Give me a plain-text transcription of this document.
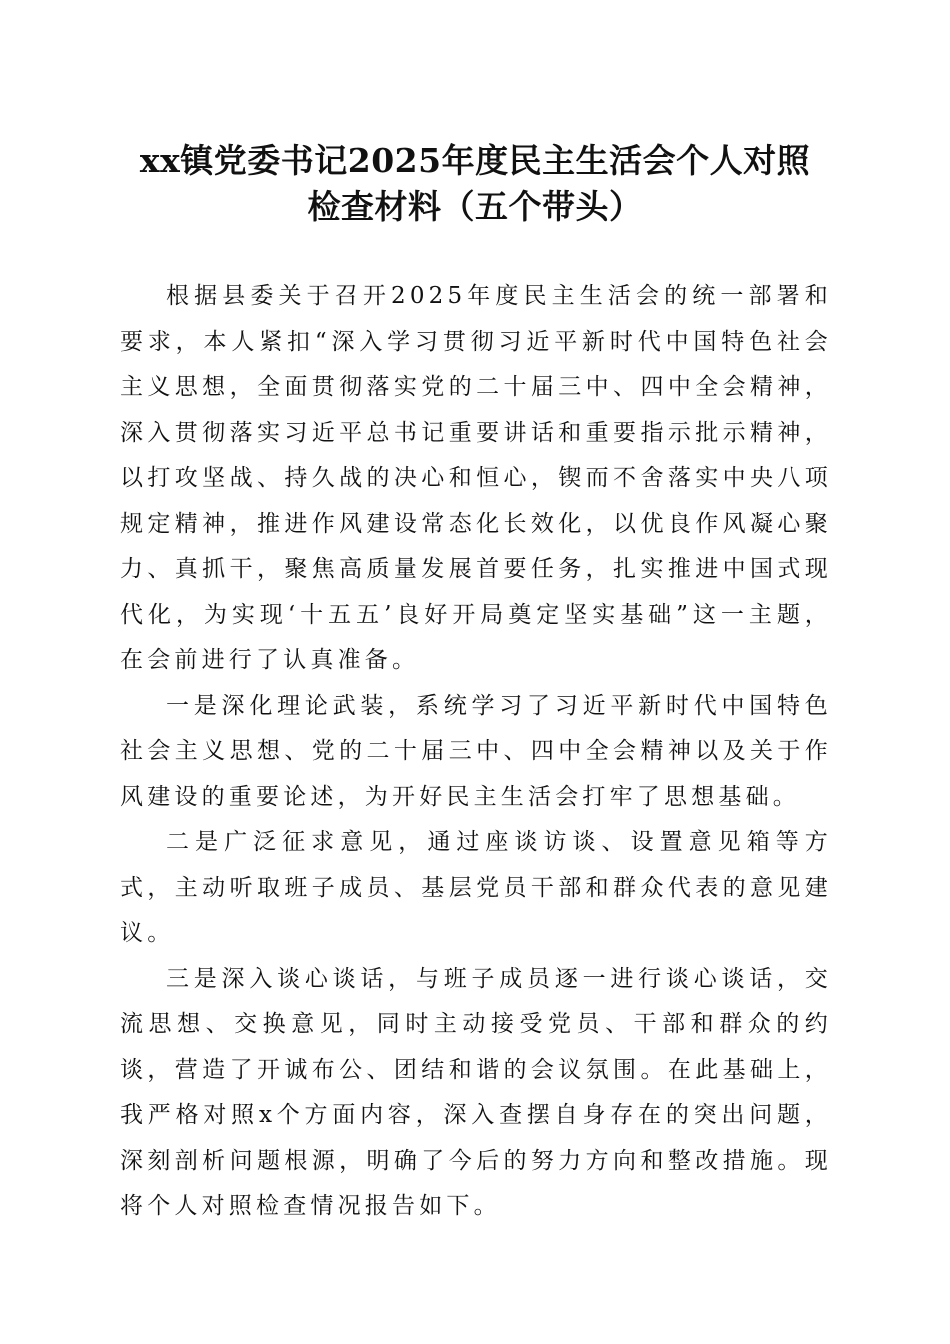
xx镇党委书记2025年度民主生活会个人对照
检查材料（五个带头）

根据县委关于召开2025年度民主生活会的统一部署和要求，本人紧扣“深入学习贯彻习近平新时代中国特色社会主义思想，全面贯彻落实党的二十届三中、四中全会精神，深入贯彻落实习近平总书记重要讲话和重要指示批示精神，以打攻坚战、持久战的决心和恒心，锲而不舍落实中央八项规定精神，推进作风建设常态化长效化，以优良作风凝心聚力、真抓干，聚焦高质量发展首要任务，扎实推进中国式现代化，为实现‘十五五’良好开局奠定坚实基础”这一主题，在会前进行了认真准备。

一是深化理论武装，系统学习了习近平新时代中国特色社会主义思想、党的二十届三中、四中全会精神以及关于作风建设的重要论述，为开好民主生活会打牢了思想基础。

二是广泛征求意见，通过座谈访谈、设置意见箱等方式，主动听取班子成员、基层党员干部和群众代表的意见建议。

三是深入谈心谈话，与班子成员逐一进行谈心谈话，交流思想、交换意见，同时主动接受党员、干部和群众的约谈，营造了开诚布公、团结和谐的会议氛围。在此基础上，我严格对照x个方面内容，深入查摆自身存在的突出问题，深刻剖析问题根源，明确了今后的努力方向和整改措施。现将个人对照检查情况报告如下。
